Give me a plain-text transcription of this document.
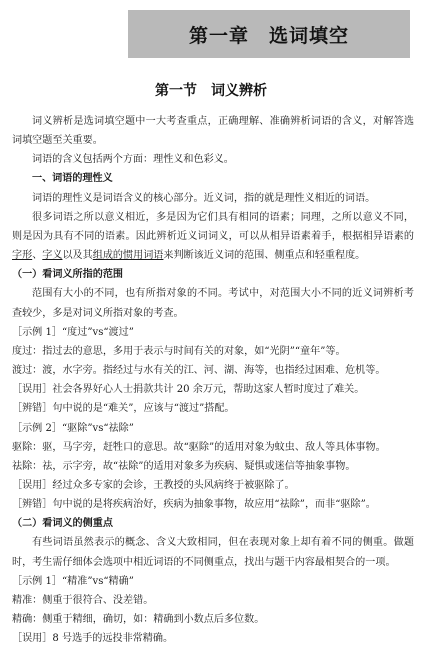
第一章　选词填空
第一节　词义辨析

词义辨析是选词填空题中一大考查重点，正确理解、准确辨析词语的含义，对解答选词填空题至关重要。

词语的含义包括两个方面：理性义和色彩义。

一、词语的理性义

词语的理性义是词语含义的核心部分。近义词，指的就是理性义相近的词语。

很多词语之所以意义相近，多是因为它们具有相同的语素；同理，之所以意义不同，则是因为具有不同的语素。因此辨析近义词词义，可以从相异语素着手，根据相异语素的字形、字义以及其组成的惯用词语来判断该近义词的范围、侧重点和轻重程度。

（一）看词义所指的范围

范围有大小的不同，也有所指对象的不同。考试中，对范围大小不同的近义词辨析考查较少，多是对词义所指对象的考查。

［示例 1］“度过”vs“渡过”

度过：指过去的意思，多用于表示与时间有关的对象，如“光阴”“童年”等。

渡过：渡，水字旁。指经过与水有关的江、河、湖、海等，也指经过困难、危机等。

［误用］社会各界好心人士捐款共计 20 余万元，帮助这家人暂时度过了难关。

［辨错］句中说的是“难关”，应该与“渡过”搭配。

［示例 2］“驱除”vs“祛除”

驱除：驱，马字旁，赶牲口的意思。故“驱除”的适用对象为蚊虫、敌人等具体事物。

祛除：祛，示字旁，故“祛除”的适用对象多为疾病、疑惧或迷信等抽象事物。

［误用］经过众多专家的会诊，王教授的头风病终于被驱除了。

［辨错］句中说的是将疾病治好，疾病为抽象事物，故应用“祛除”，而非“驱除”。

（二）看词义的侧重点

有些词语虽然表示的概念、含义大致相同，但在表现对象上却有着不同的侧重。做题时，考生需仔细体会选项中相近词语的不同侧重点，找出与题干内容最相契合的一项。

［示例 1］“精准”vs“精确”

精准：侧重于很符合、没差错。

精确：侧重于精细，确切，如：精确到小数点后多位数。

［误用］8 号选手的远投非常精确。
